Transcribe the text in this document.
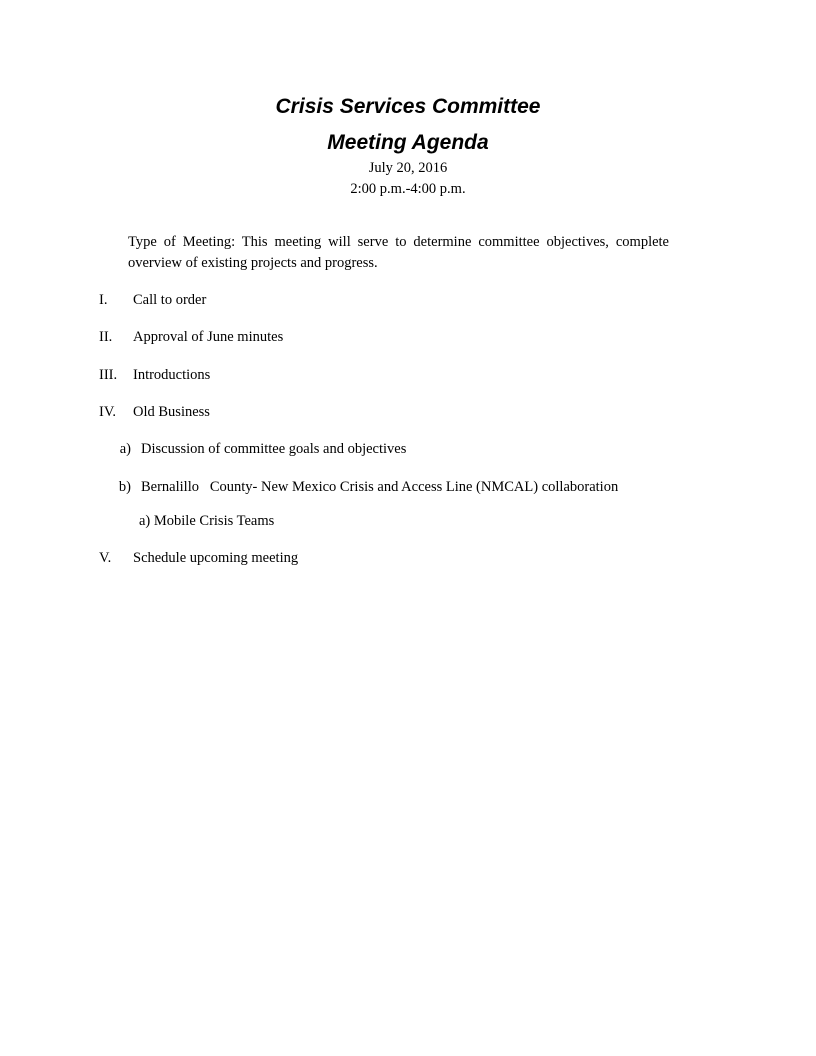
Crisis Services Committee
Meeting Agenda
July 20, 2016
2:00 p.m.-4:00 p.m.
Type of Meeting: This meeting will serve to determine committee objectives, complete overview of existing projects and progress.
I. Call to order
II. Approval of June minutes
III. Introductions
IV. Old Business
a) Discussion of committee goals and objectives
b) Bernalillo   County- New Mexico Crisis and Access Line (NMCAL) collaboration
a) Mobile Crisis Teams
V. Schedule upcoming meeting
